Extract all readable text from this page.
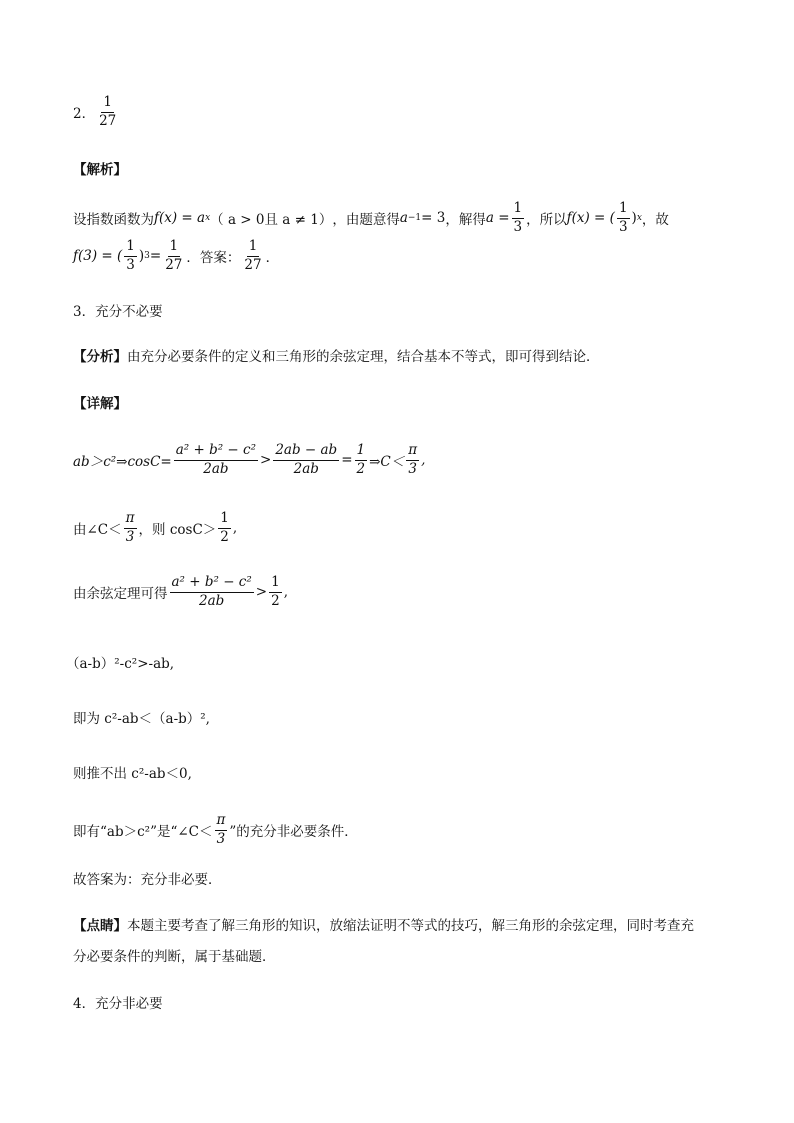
2． $\frac{1}{27}$
【解析】
设指数函数为 f(x) = a x （ a > 0且 a ≠ 1） ，由题意得 a −1 = 3 ，解得 $a = \frac{1}{3}$ ，所以 f(x) = ( $\frac{1}{3}$ ) x ，故
f(3) = ( $\frac{1}{3}$ ) $3 = \frac{1}{27}$ ．答案： $\frac{1}{27}$ ．
3．充分不必要
【分析】 由充分必要条件的定义和三角形的余弦定理，结合基本不等式，即可得到结论．
【详解】
ab＞c²⇒cosC= $\frac{\text{a² + b² − c²}}{2ab} > \frac{2ab - ab}{2ab} = \frac{1}{2}$ ⇒C＜ $\frac{\pi}{3}$ ,
由∠C＜ $\frac{\pi}{3}$ ，则 $\cos C> \frac{1}{2}$ ,
由余弦定理可得 $\frac{\text{a² + b² − c²}}{2ab} > \frac{1}{2}$ ,
（a-b）²-c²>-ab,
即为 c²-ab＜（a-b）²,
则推不出 c²-ab＜0,
即有“ab＞c²”是“∠C＜ $\frac{\pi}{3}$ ”的充分非必要条件．
故答案为：充分非必要．
【点睛】 本题主要考查了解三角形的知识，放缩法证明不等式的技巧，解三角形的余弦定理，同时考查充
分必要条件的判断，属于基础题．
4．充分非必要
